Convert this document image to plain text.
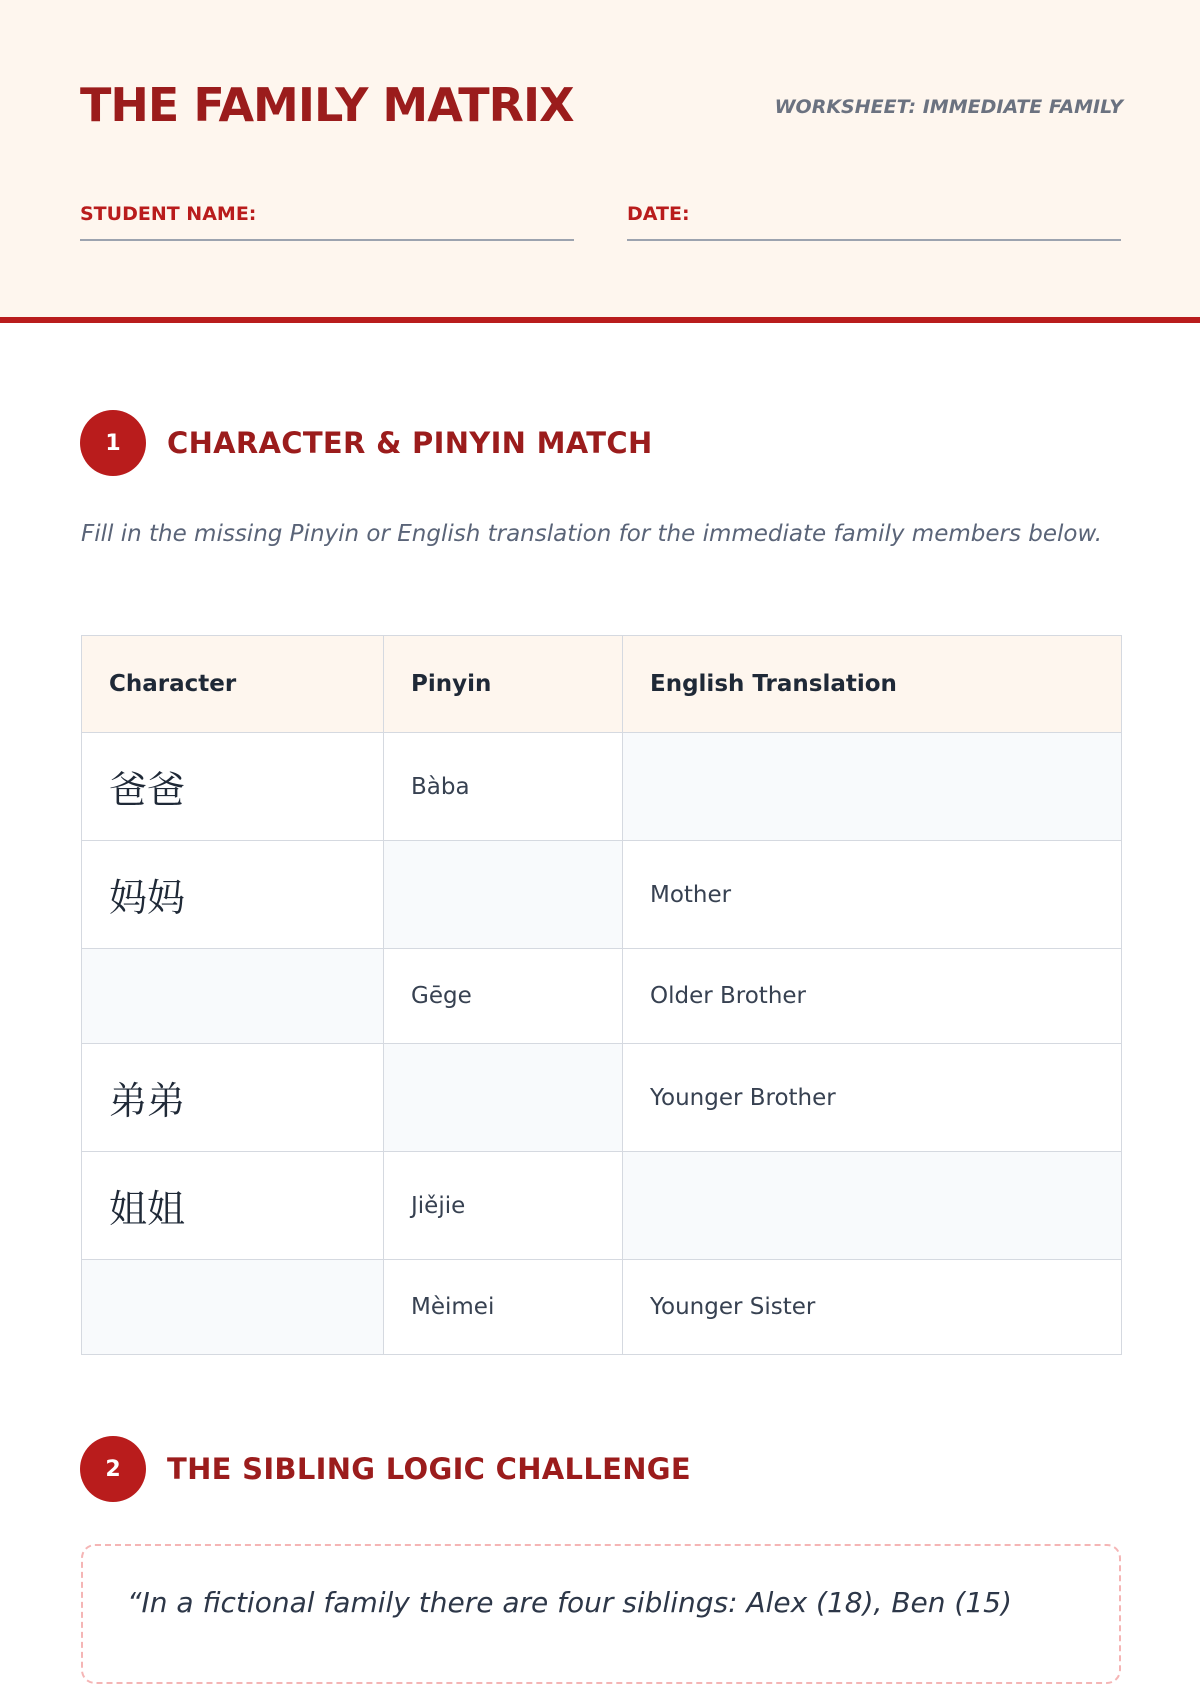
THE FAMILY MATRIX	WORKSHEET: IMMEDIATE FAMILY
STUDENT NAME:	DATE:
1	CHARACTER & PINYIN MATCH

Fill in the missing Pinyin or English translation for the immediate family members below.

Character	Pinyin	English Translation
爸爸	Bàba	
妈妈		Mother
	Gēge	Older Brother
弟弟		Younger Brother
姐姐	Jiějie	
	Mèimei	Younger Sister
2	THE SIBLING LOGIC CHALLENGE

“In a fictional family there are four siblings: Alex (18), Ben (15)
